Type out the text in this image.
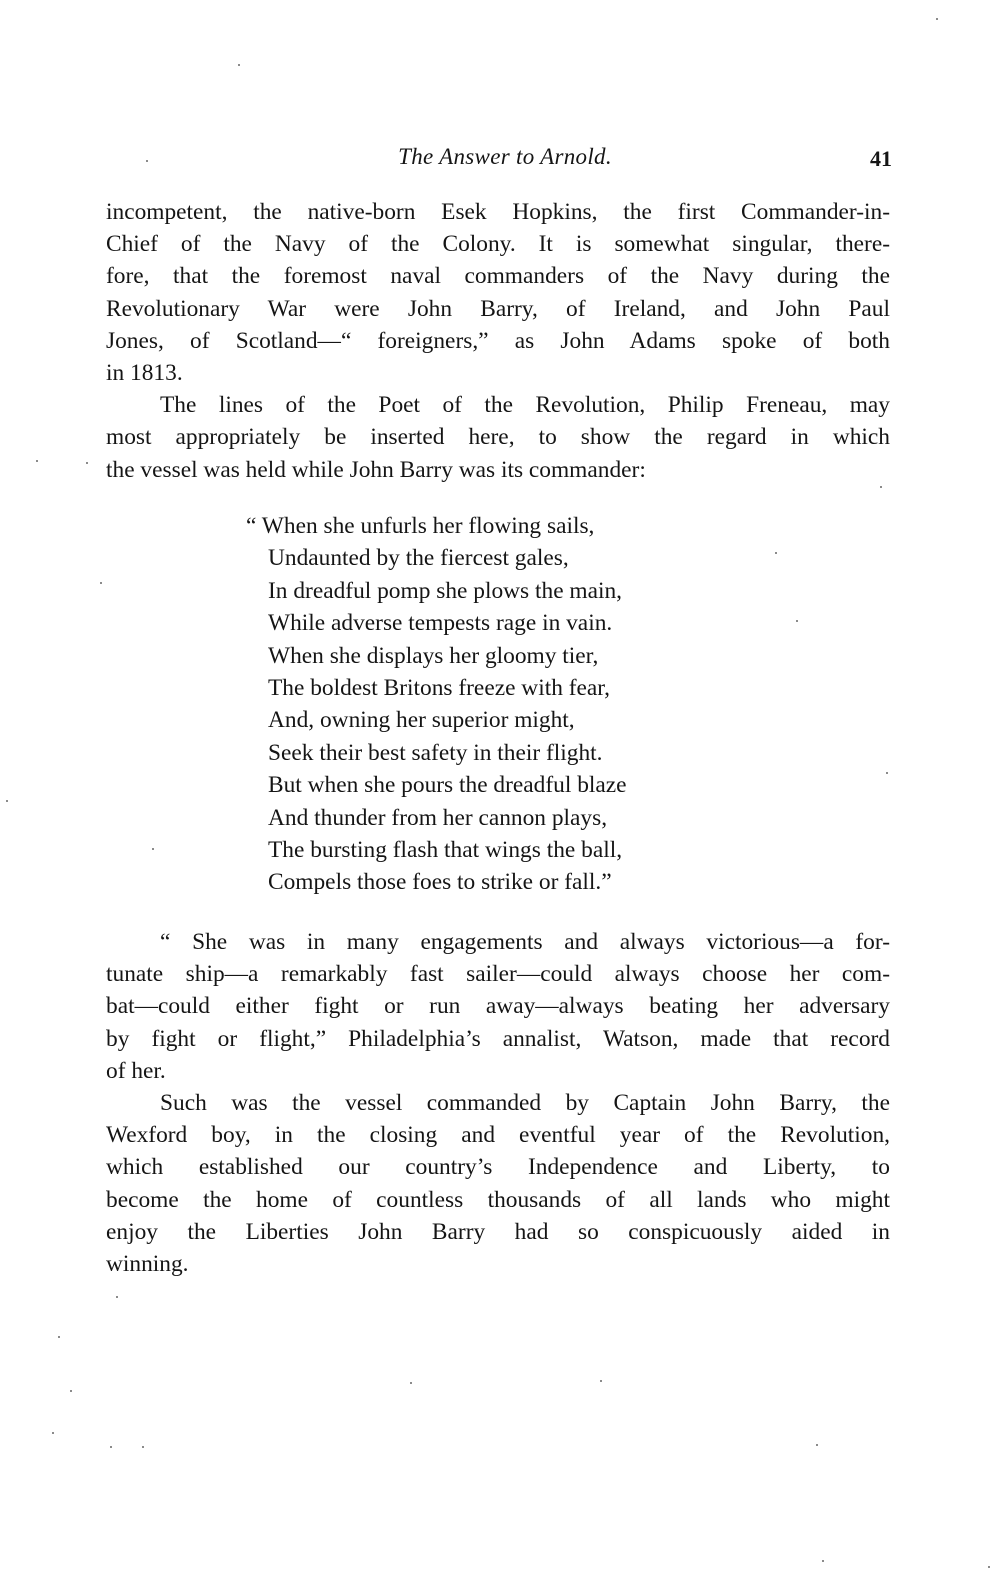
The Answer to Arnold.	41

incompetent, the native-born Esek Hopkins, the first Commander-in-
Chief of the Navy of the Colony. It is somewhat singular, there-
fore, that the foremost naval commanders of the Navy during the
Revolutionary War were John Barry, of Ireland, and John Paul
Jones, of Scotland—“ foreigners,” as John Adams spoke of both
in 1813.

The lines of the Poet of the Revolution, Philip Freneau, may
most appropriately be inserted here, to show the regard in which
the vessel was held while John Barry was its commander:

“ When she unfurls her flowing sails,
Undaunted by the fiercest gales,
In dreadful pomp she plows the main,
While adverse tempests rage in vain.
When she displays her gloomy tier,
The boldest Britons freeze with fear,
And, owning her superior might,
Seek their best safety in their flight.
But when she pours the dreadful blaze
And thunder from her cannon plays,
The bursting flash that wings the ball,
Compels those foes to strike or fall.”

“ She was in many engagements and always victorious—a for-
tunate ship—a remarkably fast sailer—could always choose her com-
bat—could either fight or run away—always beating her adversary
by fight or flight,” Philadelphia’s annalist, Watson, made that record
of her.

Such was the vessel commanded by Captain John Barry, the
Wexford boy, in the closing and eventful year of the Revolution,
which established our country’s Independence and Liberty, to
become the home of countless thousands of all lands who might
enjoy the Liberties John Barry had so conspicuously aided in
winning.
